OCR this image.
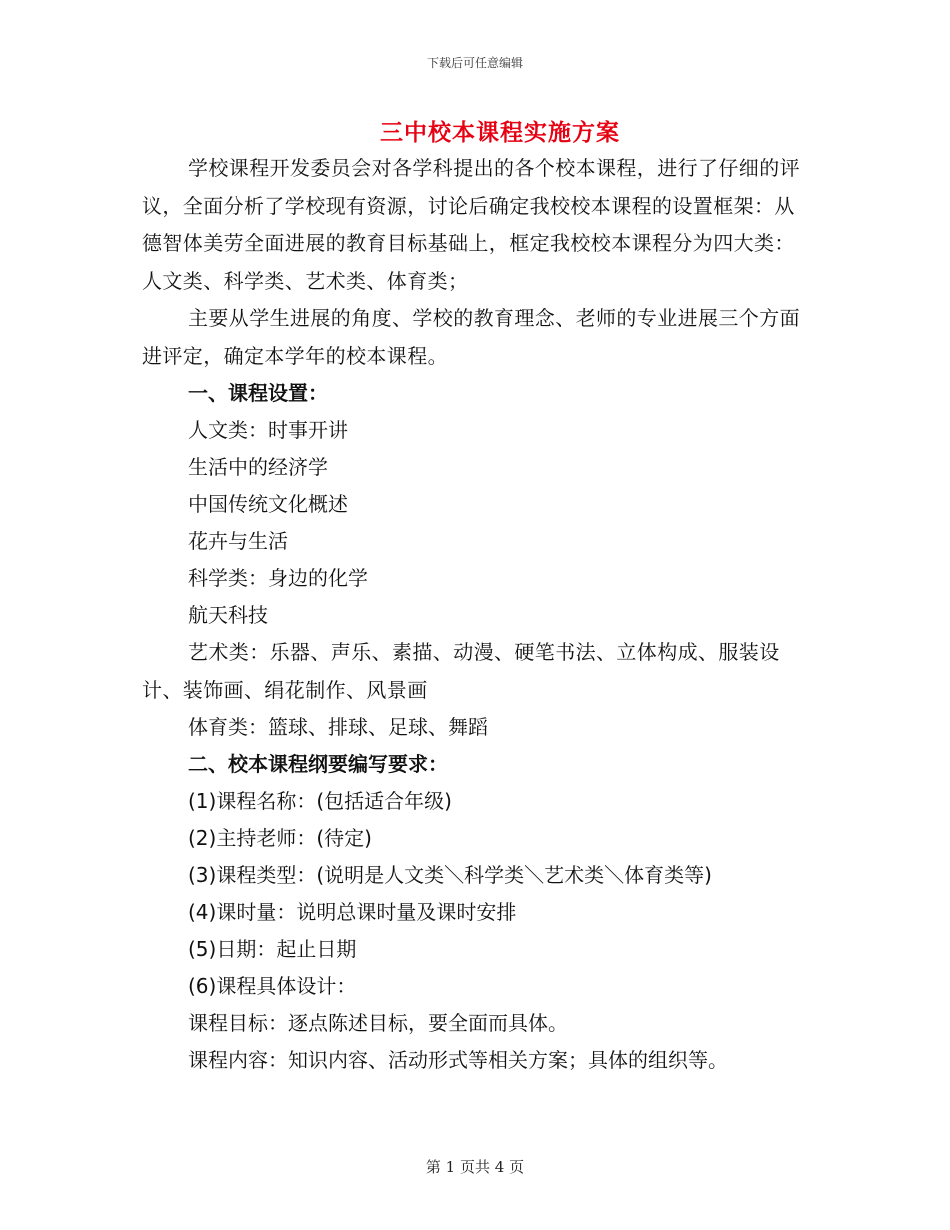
下载后可任意编辑
三中校本课程实施方案
学校课程开发委员会对各学科提出的各个校本课程，进行了仔细的评议，全面分析了学校现有资源，讨论后确定我校校本课程的设置框架：从德智体美劳全面进展的教育目标基础上，框定我校校本课程分为四大类：人文类、科学类、艺术类、体育类；
主要从学生进展的角度、学校的教育理念、老师的专业进展三个方面进评定，确定本学年的校本课程。
一、课程设置：
人文类：时事开讲
生活中的经济学
中国传统文化概述
花卉与生活
科学类：身边的化学
航天科技
艺术类：乐器、声乐、素描、动漫、硬笔书法、立体构成、服装设计、装饰画、绢花制作、风景画
体育类：篮球、排球、足球、舞蹈
二、校本课程纲要编写要求：
(1)课程名称：(包括适合年级)
(2)主持老师：(待定)
(3)课程类型：(说明是人文类＼科学类＼艺术类＼体育类等)
(4)课时量：说明总课时量及课时安排
(5)日期：起止日期
(6)课程具体设计：
课程目标：逐点陈述目标，要全面而具体。
课程内容：知识内容、活动形式等相关方案；具体的组织等。
第 1 页共 4 页
